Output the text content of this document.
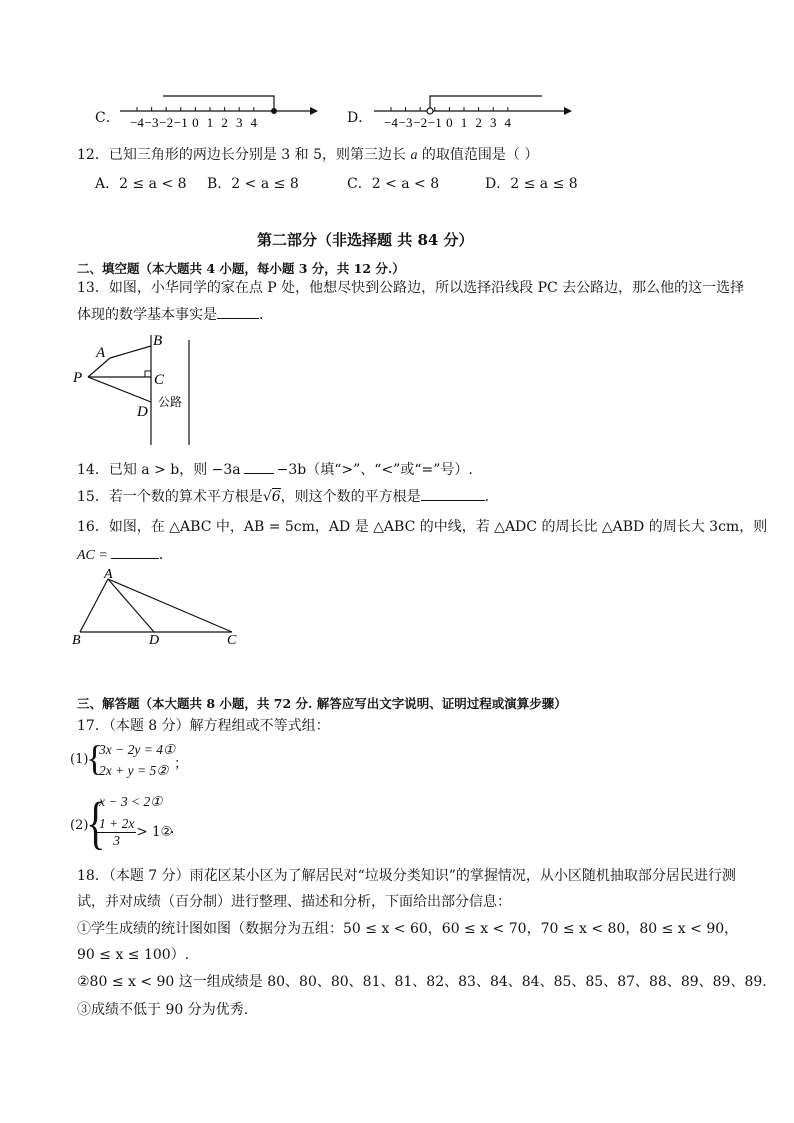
C． −4 −3 −2 −1 0 1 2 3 4	D． −4 −3 −2 −1 0 1 2 3 4
12．已知三角形的两边长分别是 3 和 5，则第三边长 a 的取值范围是（ ）
A．2 ≤ a < 8 B．2 < a ≤ 8	C．2 < a < 8	D．2 ≤ a ≤ 8
第二部分（非选择题 共 84 分）
二、填空题（本大题共 4 小题，每小题 3 分，共 12 分.）
13．如图，小华同学的家在点 P 处，他想尽快到公路边，所以选择沿线段 PC 去公路边，那么他的这一选择
体现的数学基本事实是	．
A
B
P	C
D
公路
14．已知 a > b，则 −3a	−3b（填“>”、“<”或“=”号）.
15．若一个数的算术平方根是√6，则这个数的平方根是	．
16．如图，在 △ABC 中，AB = 5cm，AD 是 △ABC 的中线，若 △ADC 的周长比 △ABD 的周长大 3cm，则
AC =	．
A
B	D	C
三、解答题（本大题共 8 小题，共 72 分. 解答应写出文字说明、证明过程或演算步骤）
17．（本题 8 分）解方程组或不等式组：
(1)
{
3x − 2y = 4①
2x + y = 5② ；
(2)
{
x − 3 < 2①
$\frac{1 + 2x}{3}$ > 1②
．
18．（本题 7 分）雨花区某小区为了解居民对“垃圾分类知识”的掌握情况，从小区随机抽取部分居民进行测
试，并对成绩（百分制）进行整理、描述和分析，下面给出部分信息：
①学生成绩的统计图如图（数据分为五组：50 ≤ x < 60，60 ≤ x < 70，70 ≤ x < 80，80 ≤ x < 90，
90 ≤ x ≤ 100）.
②80 ≤ x < 90 这一组成绩是 80、80、80、81、81、82、83、84、84、85、85、87、88、89、89、89.
③成绩不低于 90 分为优秀.
